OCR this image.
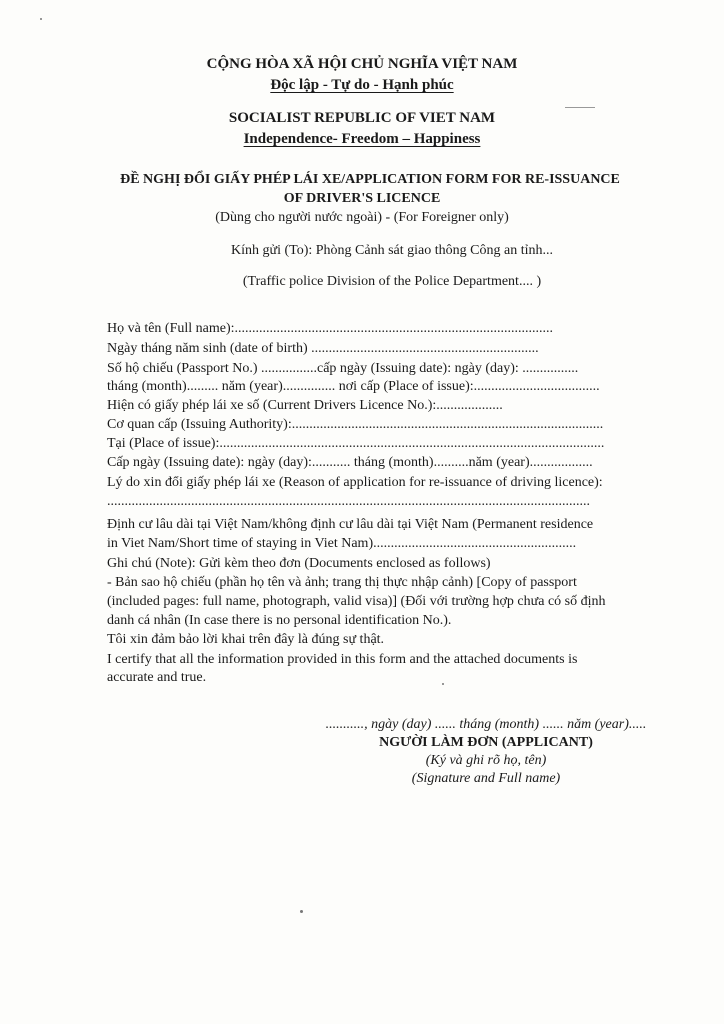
CỘNG HÒA XÃ HỘI CHỦ NGHĨA VIỆT NAM
Độc lập - Tự do - Hạnh phúc
SOCIALIST REPUBLIC OF VIET NAM
Independence- Freedom – Happiness
ĐỀ NGHỊ ĐỔI GIẤY PHÉP LÁI XE/APPLICATION FORM FOR RE-ISSUANCE
OF DRIVER'S LICENCE
(Dùng cho người nước ngoài) - (For Foreigner only)
Kính gửi (To): Phòng Cảnh sát giao thông Công an tỉnh...
(Traffic police Division of the Police Department.... )
Họ và tên (Full name):...........................................................................................
Ngày tháng năm sinh (date of birth) .................................................................
Số hộ chiếu (Passport No.) ................cấp ngày (Issuing date): ngày (day): ................
tháng (month)......... năm (year)............... nơi cấp (Place of issue):....................................
Hiện có giấy phép lái xe số (Current Drivers Licence No.):...................
Cơ quan cấp (Issuing Authority):.........................................................................................
Tại (Place of issue):..............................................................................................................
Cấp ngày (Issuing date): ngày (day):........... tháng (month)..........năm (year)..................
Lý do xin đổi giấy phép lái xe (Reason of application for re-issuance of driving licence):
..........................................................................................................................................
Định cư lâu dài tại Việt Nam/không định cư lâu dài tại Việt Nam (Permanent residence
in Viet Nam/Short time of staying in Viet Nam)..........................................................
Ghi chú (Note): Gửi kèm theo đơn (Documents enclosed as follows)
- Bản sao hộ chiếu (phần họ tên và ảnh; trang thị thực nhập cảnh) [Copy of passport
(included pages: full name, photograph, valid visa)] (Đối với trường hợp chưa có số định
danh cá nhân (In case there is no personal identification No.).
Tôi xin đảm bảo lời khai trên đây là đúng sự thật.
I certify that all the information provided in this form and the attached documents is
accurate and true.
..........., ngày (day) ...... tháng (month) ...... năm (year).....
NGƯỜI LÀM ĐƠN (APPLICANT)
(Ký và ghi rõ họ, tên)
(Signature and Full name)
